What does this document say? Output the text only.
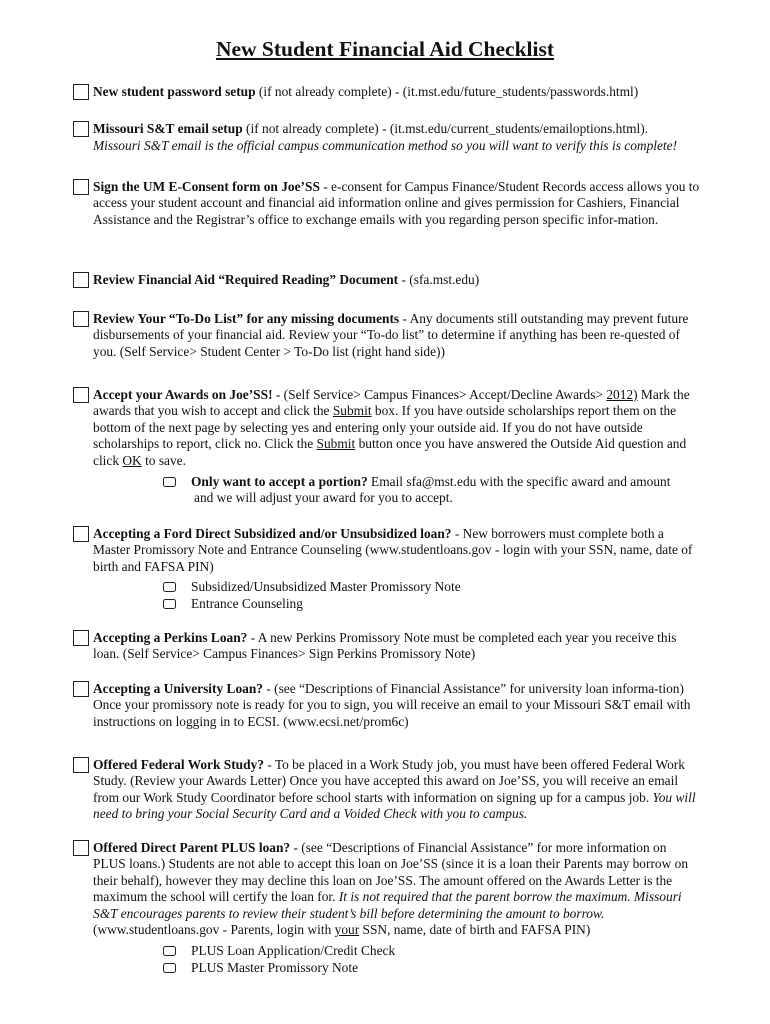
New Student Financial Aid Checklist
New student password setup (if not already complete) - (it.mst.edu/future_students/passwords.html)
Missouri S&T email setup (if not already complete) - (it.mst.edu/current_students/emailoptions.html).
Missouri S&T email is the official campus communication method so you will want to verify this is complete!
Sign the UM E-Consent form on Joe’SS - e-consent for Campus Finance/Student Records access allows you to access your student account and financial aid information online and gives permission for Cashiers, Financial Assistance and the Registrar’s office to exchange emails with you regarding person specific infor-mation.
Review Financial Aid “Required Reading” Document - (sfa.mst.edu)
Review Your “To-Do List” for any missing documents - Any documents still outstanding may prevent future disbursements of your financial aid. Review your “To-do list” to determine if anything has been re-quested of you. (Self Service> Student Center > To-Do list (right hand side))
Accept your Awards on Joe’SS! - (Self Service> Campus Finances> Accept/Decline Awards> 2012) Mark the awards that you wish to accept and click the Submit box. If you have outside scholarships report them on the bottom of the next page by selecting yes and entering only your outside aid. If you do not have outside scholarships to report, click no. Click the Submit button once you have answered the Outside Aid question and click OK to save.
Only want to accept a portion? Email sfa@mst.edu with the specific award and amount
and we will adjust your award for you to accept.
Accepting a Ford Direct Subsidized and/or Unsubsidized loan? - New borrowers must complete both a Master Promissory Note and Entrance Counseling (www.studentloans.gov - login with your SSN, name, date of birth and FAFSA PIN)
Subsidized/Unsubsidized Master Promissory Note
Entrance Counseling
Accepting a Perkins Loan? - A new Perkins Promissory Note must be completed each year you receive this loan. (Self Service> Campus Finances> Sign Perkins Promissory Note)
Accepting a University Loan? - (see “Descriptions of Financial Assistance” for university loan informa-tion) Once your promissory note is ready for you to sign, you will receive an email to your Missouri S&T email with instructions on logging in to ECSI. (www.ecsi.net/prom6c)
Offered Federal Work Study? - To be placed in a Work Study job, you must have been offered Federal Work Study. (Review your Awards Letter) Once you have accepted this award on Joe’SS, you will receive an email from our Work Study Coordinator before school starts with information on signing up for a campus job. You will need to bring your Social Security Card and a Voided Check with you to campus.
Offered Direct Parent PLUS loan? - (see “Descriptions of Financial Assistance” for more information on PLUS loans.) Students are not able to accept this loan on Joe’SS (since it is a loan their Parents may borrow on their behalf), however they may decline this loan on Joe’SS. The amount offered on the Awards Letter is the maximum the school will certify the loan for. It is not required that the parent borrow the maximum. Missouri S&T encourages parents to review their student’s bill before determining the amount to borrow.
(www.studentloans.gov - Parents, login with your SSN, name, date of birth and FAFSA PIN)
PLUS Loan Application/Credit Check
PLUS Master Promissory Note
